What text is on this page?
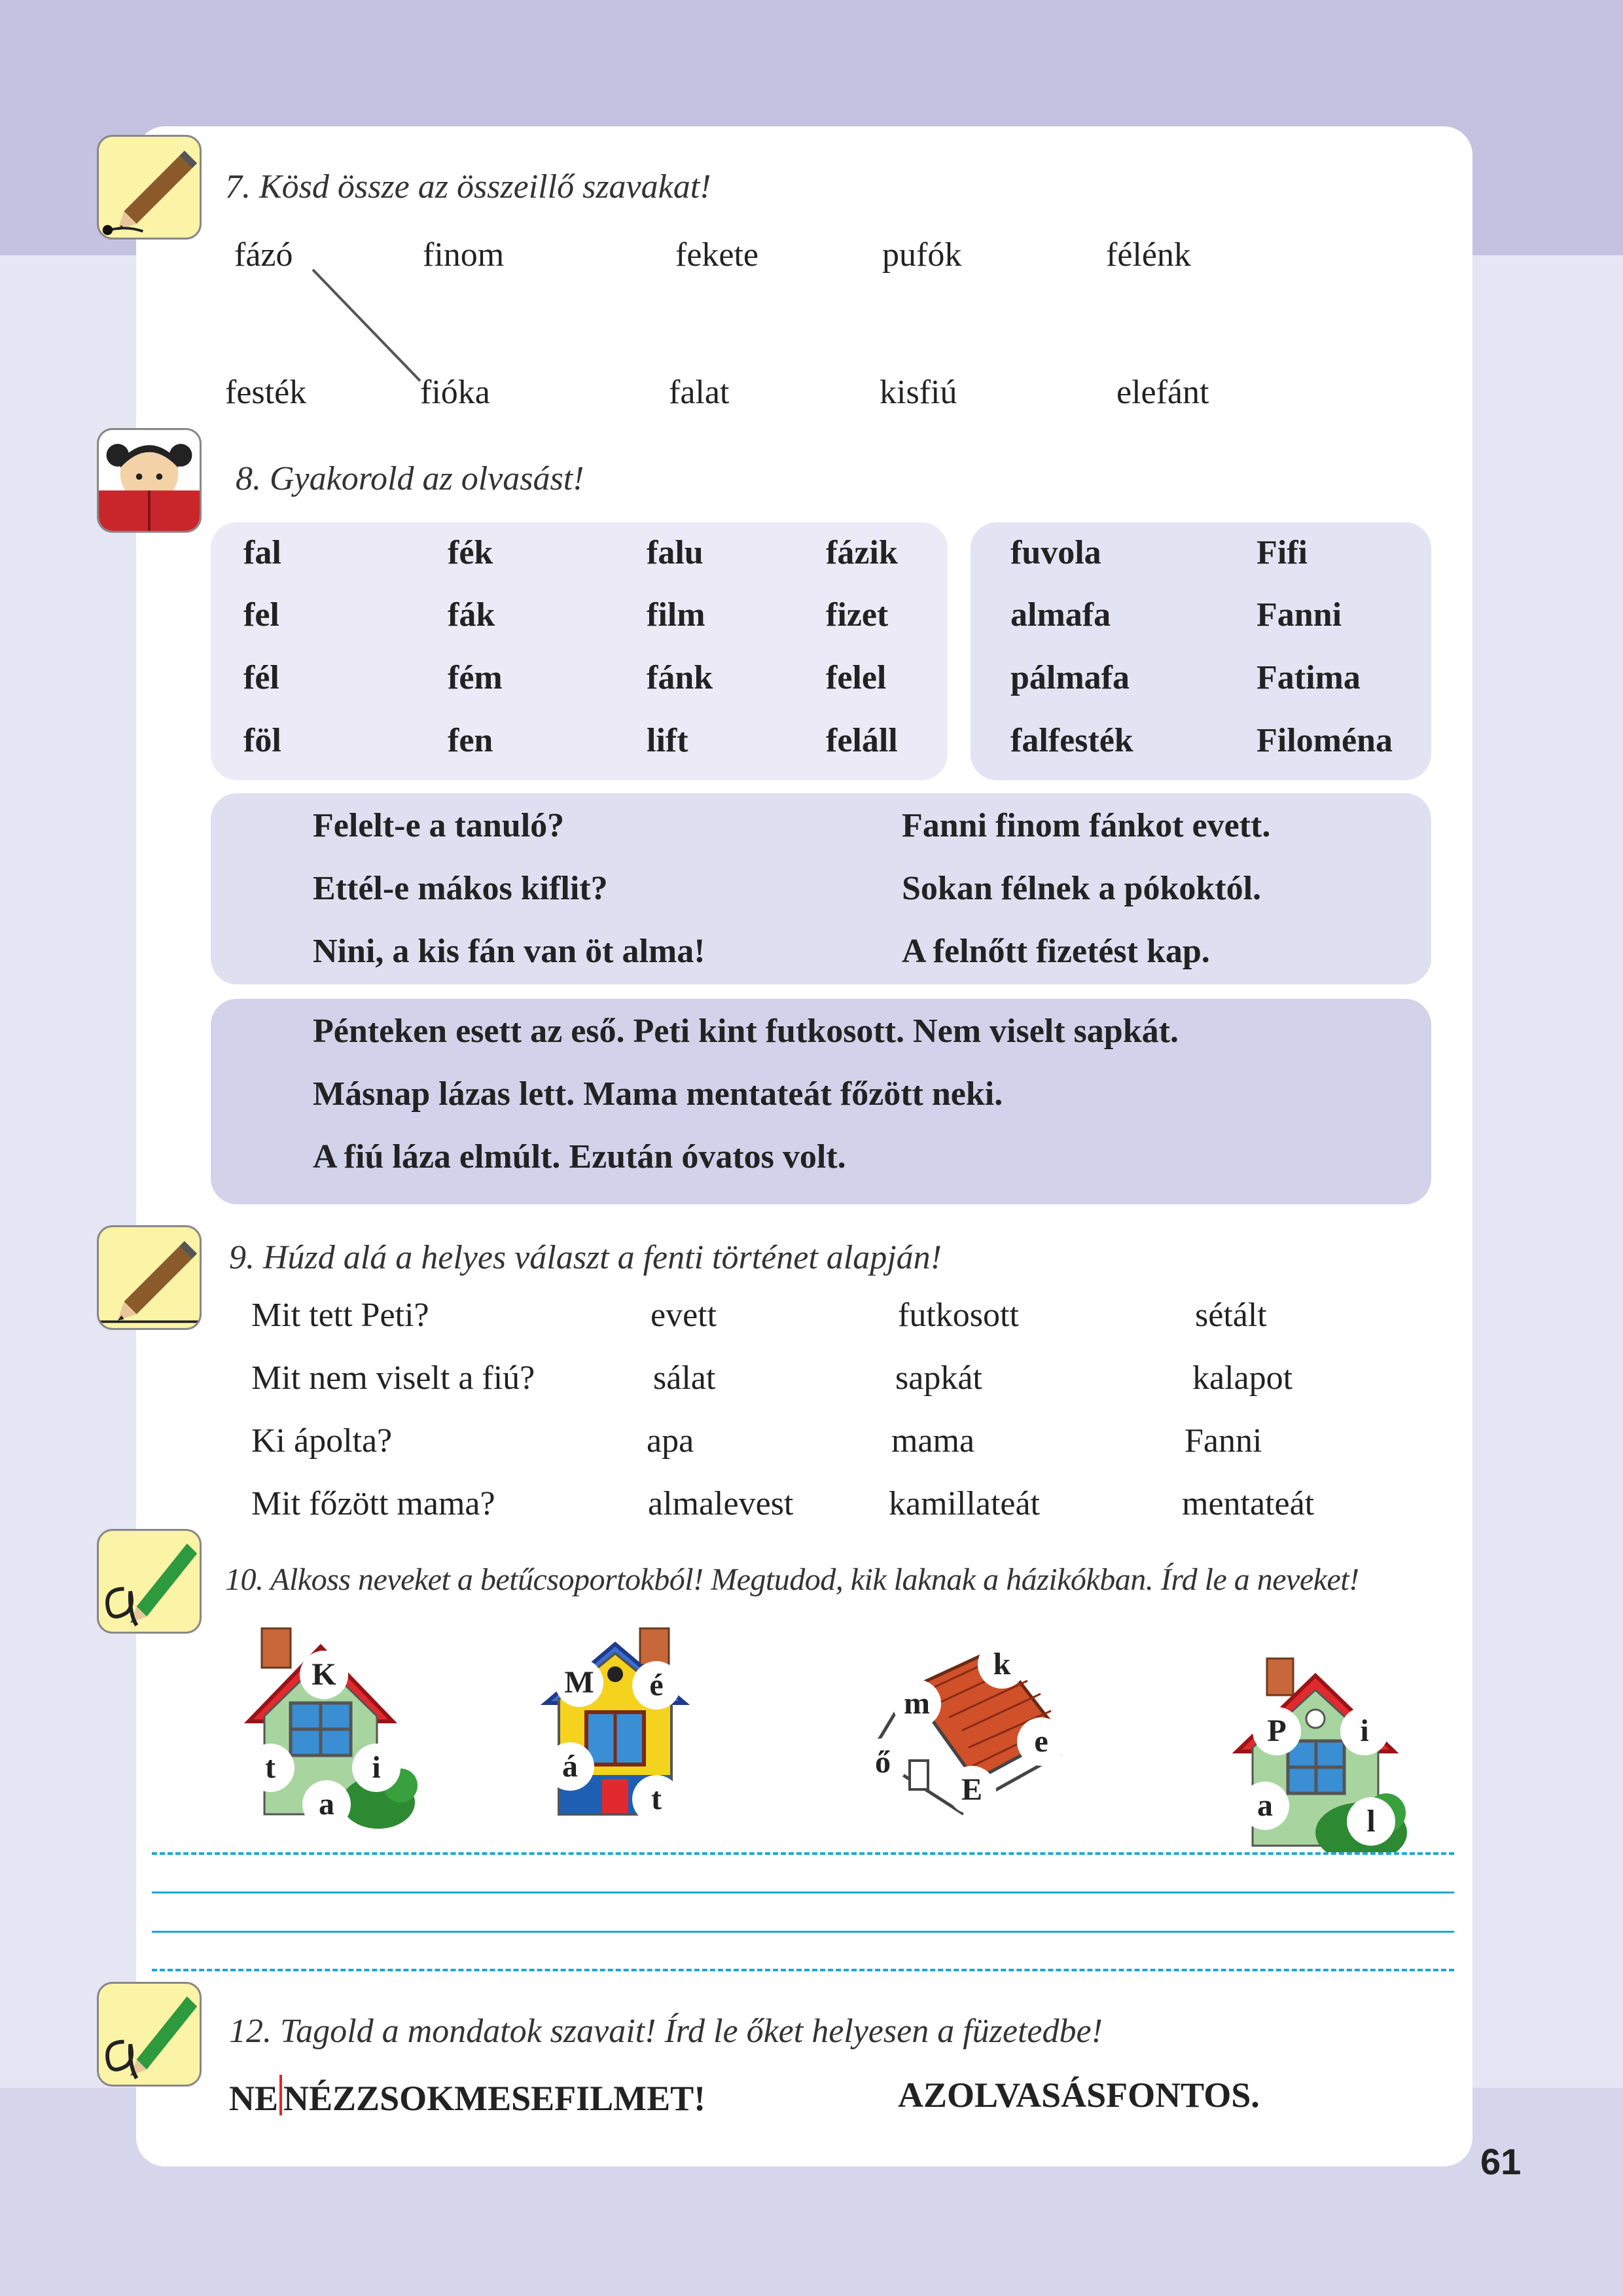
7. Kösd össze az összeillő szavakat!
fázó	finom	fekete	pufók	félénk
festék	fióka	falat	kisfiú	elefánt
8. Gyakorold az olvasást!
fal	fék	falu	fázik
fel	fák	film	fizet
fél	fém	fánk	felel
föl	fen	lift	feláll
fuvola	Fifi
almafa	Fanni
pálmafa	Fatima
falfesték	Filoména
Felelt-e a tanuló?
Ettél-e mákos kiflit?
Nini, a kis fán van öt alma!
Fanni finom fánkot evett.
Sokan félnek a pókoktól.
A felnőtt fizetést kap.
Pénteken esett az eső. Peti kint futkosott. Nem viselt sapkát.
Másnap lázas lett. Mama mentateát főzött neki.
A fiú láza elmúlt. Ezután óvatos volt.
9. Húzd alá a helyes választ a fenti történet alapján!
Mit tett Peti?	evett	futkosott	sétált
Mit nem viselt a fiú?	sálat	sapkát	kalapot
Ki ápolta?	apa	mama	Fanni
Mit főzött mama?	almalevest	kamillateát	mentateát
10. Alkoss neveket a betűcsoportokból! Megtudod, kik laknak a házikókban. Írd le a neveket!
K
t	i
a
M	é
á
t
k
m
e
ő
E
P	i
a	l
12. Tagold a mondatok szavait! Írd le őket helyesen a füzetedbe!
NE NÉZZSOKMESEFILMET!	AZOLVASÁSFONTOS.
61
